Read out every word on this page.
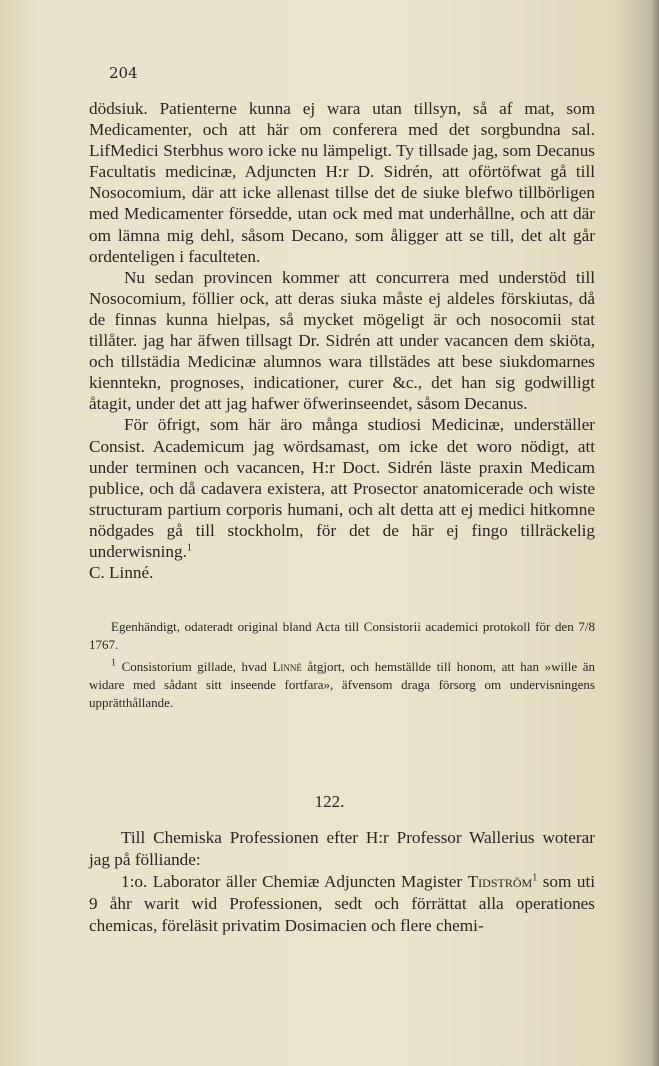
204

dödsiuk. Patienterne kunna ej wara utan tillsyn, så af mat, som Medicamenter, och att här om conferera med det sorgbundna sal. LifMedici Sterbhus woro icke nu lämpeligt. Ty tillsade jag, som Decanus Facultatis medicinæ, Adjuncten H:r D. Sidrén, att oförtöfwat gå till Nosocomium, där att icke allenast tillse det de siuke blefwo tillbörligen med Medicamenter försedde, utan ock med mat underhållne, och att där om lämna mig dehl, såsom Decano, som åligger att se till, det alt går ordenteligen i faculteten.

Nu sedan provincen kommer att concurrera med understöd till Nosocomium, föllier ock, att deras siuka måste ej aldeles förskiutas, då de finnas kunna hielpas, så mycket mögeligt är och nosocomii stat tillåter. jag har äfwen tillsagt Dr. Sidrén att under vacancen dem skiöta, och tillstädia Medicinæ alumnos wara tillstädes att bese siukdomarnes kienntekn, prognoses, indicationer, curer &c., det han sig godwilligt åtagit, under det att jag hafwer öfwerinseendet, såsom Decanus.

För öfrigt, som här äro många studiosi Medicinæ, underställer Consist. Academicum jag wördsamast, om icke det woro nödigt, att under terminen och vacancen, H:r Doct. Sidrén läste praxin Medicam publice, och då cadavera existera, att Prosector anatomicerade och wiste structuram partium corporis humani, och alt detta att ej medici hitkomne nödgades gå till stockholm, för det de här ej fingo tillräckelig underwisning.$^1$

C. Linné.

Egenhändigt, odateradt original bland Acta till Consistorii academici protokoll för den 7/8 1767.

$^1$ Consistorium gillade, hvad Linné åtgjort, och hemställde till honom, att han »wille än widare med sådant sitt inseende fortfara», äfvensom draga försorg om undervisningens upprätthållande.

122.

Till Chemiska Professionen efter H:r Professor Wallerius woterar jag på fölliande:

1:o. Laborator äller Chemiæ Adjuncten Magister Tidström$^1$ som uti 9 åhr warit wid Professionen, sedt och förrättat alla operationes chemicas, föreläsit privatim Dosimacien och flere chemi-
